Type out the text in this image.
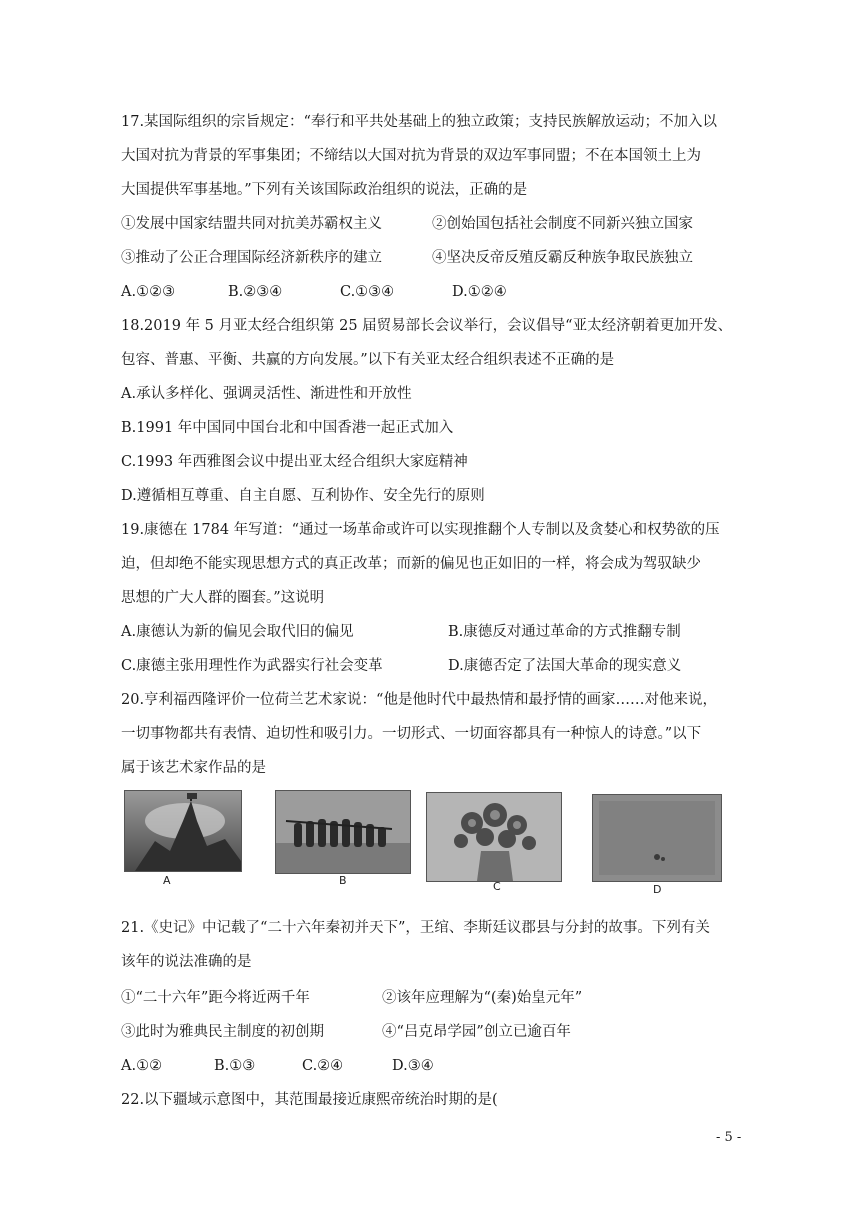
17.某国际组织的宗旨规定：“奉行和平共处基础上的独立政策；支持民族解放运动；不加入以
大国对抗为背景的军事集团；不缔结以大国对抗为背景的双边军事同盟；不在本国领土上为
大国提供军事基地。”下列有关该国际政治组织的说法，正确的是
①发展中国家结盟共同对抗美苏霸权主义	②创始国包括社会制度不同新兴独立国家
③推动了公正合理国际经济新秩序的建立	④坚决反帝反殖反霸反种族争取民族独立
A.①②③	B.②③④	C.①③④	D.①②④
18.2019 年 5 月亚太经合组织第 25 届贸易部长会议举行，会议倡导“亚太经济朝着更加开发、
包容、普惠、平衡、共赢的方向发展。”以下有关亚太经合组织表述不正确的是
A.承认多样化、强调灵活性、渐进性和开放性
B.1991 年中国同中国台北和中国香港一起正式加入
C.1993 年西雅图会议中提出亚太经合组织大家庭精神
D.遵循相互尊重、自主自愿、互利协作、安全先行的原则
19.康德在 1784 年写道：“通过一场革命或许可以实现推翻个人专制以及贪婪心和权势欲的压
迫，但却绝不能实现思想方式的真正改革；而新的偏见也正如旧的一样，将会成为驾驭缺少
思想的广大人群的圈套。”这说明
A.康德认为新的偏见会取代旧的偏见	B.康德反对通过革命的方式推翻专制
C.康德主张用理性作为武器实行社会变革	D.康德否定了法国大革命的现实意义
20.亨利福西隆评价一位荷兰艺术家说：“他是他时代中最热情和最抒情的画家……对他来说，
一切事物都共有表情、迫切性和吸引力。一切形式、一切面容都具有一种惊人的诗意。”以下
属于该艺术家作品的是
A	B	C	D
21.《史记》中记载了“二十六年秦初并天下”，王绾、李斯廷议郡县与分封的故事。下列有关
该年的说法准确的是
①“二十六年”距今将近两千年	②该年应理解为“(秦)始皇元年”
③此时为雅典民主制度的初创期	④“吕克昂学园”创立已逾百年
A.①②	B.①③	C.②④	D.③④
22.以下疆域示意图中，其范围最接近康熙帝统治时期的是(
- 5 -
